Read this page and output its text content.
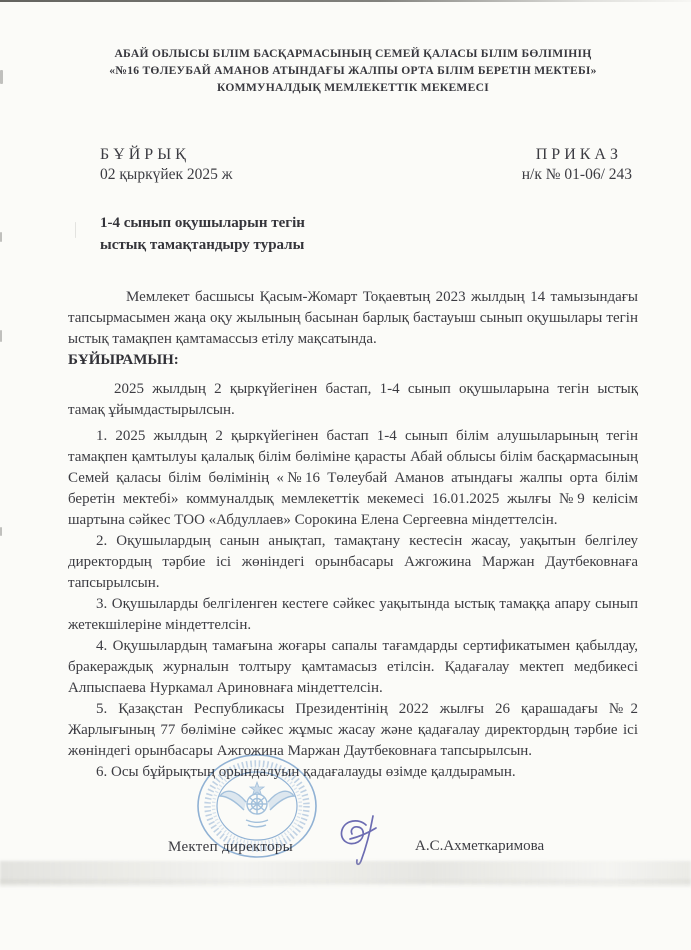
АБАЙ ОБЛЫСЫ БІЛІМ БАСҚАРМАСЫНЫҢ СЕМЕЙ ҚАЛАСЫ БІЛІМ БӨЛІМІНІҢ
«№16 ТӨЛЕУБАЙ АМАНОВ АТЫНДАҒЫ ЖАЛПЫ ОРТА БІЛІМ БЕРЕТІН МЕКТЕБІ»
КОММУНАЛДЫҚ МЕМЛЕКЕТТІК МЕКЕМЕСІ
Б Ұ Й Р Ы Қ
02 қыркүйек 2025 ж
П Р И К А З
н/к № 01-06/ 243
1-4 сынып оқушыларын тегін
ыстық тамақтандыру туралы

Мемлекет басшысы Қасым-Жомарт Тоқаевтың 2023 жылдың 14 тамызындағы тапсырмасымен жаңа оқу жылының басынан барлық бастауыш сынып оқушылары тегін ыстық тамақпен қамтамассыз етілу мақсатында.

БҰЙЫРАМЫН:

2025 жылдың 2 қыркүйегінен бастап, 1-4 сынып оқушыларына тегін ыстық тамақ ұйымдастырылсын.

1. 2025 жылдың 2 қыркүйегінен бастап 1-4 сынып білім алушыларының тегін тамақпен қамтылуы қалалық білім бөліміне қарасты Абай облысы білім басқармасының Семей қаласы білім бөлімінің «№16 Төлеубай Аманов атындағы жалпы орта білім беретін мектебі» коммуналдық мемлекеттік мекемесі 16.01.2025 жылғы №9 келісім шартына сәйкес ТОО «Абдуллаев» Сорокина Елена Сергеевна міндеттелсін.

2. Оқушылардың санын анықтап, тамақтану кестесін жасау, уақытын белгілеу директордың тәрбие ісі жөніндегі орынбасары Ажгожина Маржан Даутбековнаға тапсырылсын.

3. Оқушыларды белгіленген кестеге сәйкес уақытында ыстық тамаққа апару сынып жетекшілеріне міндеттелсін.

4. Оқушылардың тамағына жоғары сапалы тағамдарды сертификатымен қабылдау, бракераждық журналын толтыру қамтамасыз етілсін. Қадағалау мектеп медбикесі Алпыспаева Нуркамал Ариновнаға міндеттелсін.

5. Қазақстан Республикасы Президентінің 2022 жылғы 26 қарашадағы №2 Жарлығының 77 бөліміне сәйкес жұмыс жасау және қадағалау директордың тәрбие ісі жөніндегі орынбасары Ажгожина Маржан Даутбековнаға тапсырылсын.

6. Осы бұйрықтың орындалуын қадағалауды өзімде қалдырамын.

Мектеп директоры	А.С.Ахметкаримова
